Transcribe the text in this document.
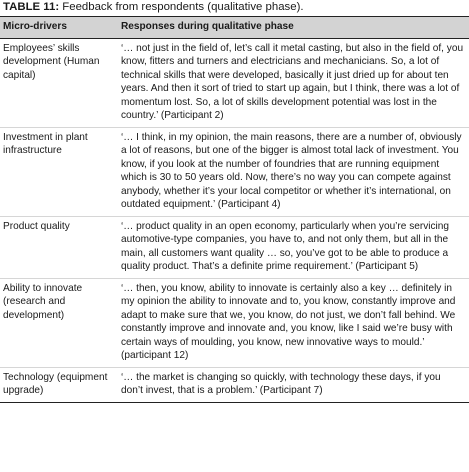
TABLE 11: Feedback from respondents (qualitative phase).
Micro-drivers	Responses during qualitative phase
Employees’ skills development (Human capital)	‘… not just in the field of, let’s call it metal casting, but also in the field of, you know, fitters and turners and electricians and mechanicians. So, a lot of technical skills that were developed, basically it just dried up for about ten years. And then it sort of tried to start up again, but I think, there was a lot of momentum lost. So, a lot of skills development potential was lost in the country.’ (Participant 2)
Investment in plant infrastructure	‘… I think, in my opinion, the main reasons, there are a number of, obviously a lot of reasons, but one of the bigger is almost total lack of investment. You know, if you look at the number of foundries that are running equipment which is 30 to 50 years old. Now, there’s no way you can compete against anybody, whether it’s your local competitor or whether it’s international, on outdated equipment.’ (Participant 4)
Product quality	‘… product quality in an open economy, particularly when you’re servicing automotive-type companies, you have to, and not only them, but all in the main, all customers want quality … so, you’ve got to be able to produce a quality product. That’s a definite prime requirement.’ (Participant 5)
Ability to innovate (research and development)	‘… then, you know, ability to innovate is certainly also a key … definitely in my opinion the ability to innovate and to, you know, constantly improve and adapt to make sure that we, you know, do not just, we don’t fall behind. We constantly improve and innovate and, you know, like I said we’re busy with certain ways of moulding, you know, new innovative ways to mould.’ (participant 12)
Technology (equipment upgrade)	‘… the market is changing so quickly, with technology these days, if you don’t invest, that is a problem.’ (Participant 7)
